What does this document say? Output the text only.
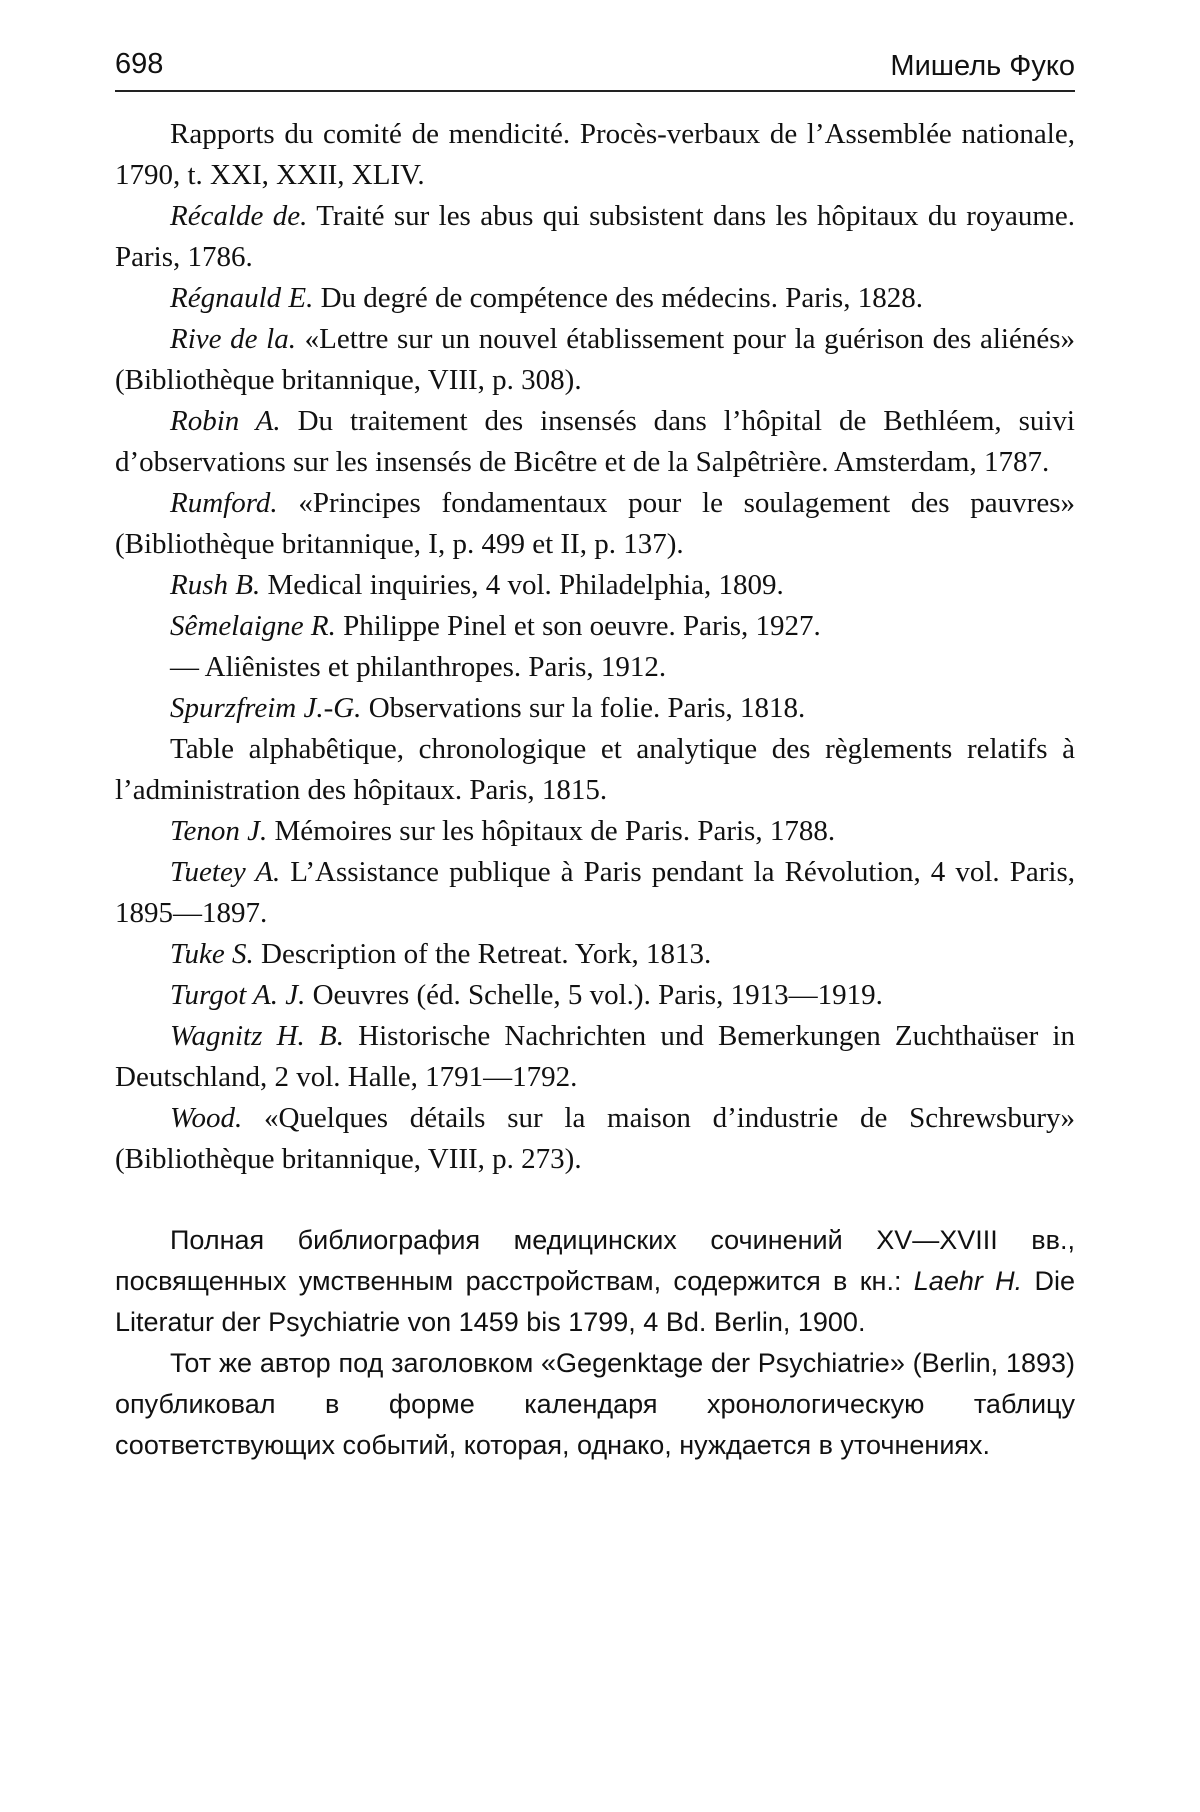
698	Мишель Фуко

Rapports du comité de mendicité. Procès-verbaux de l’Assemblée nationale, 1790, t. XXI, XXII, XLIV.

Récalde de. Traité sur les abus qui subsistent dans les hôpitaux du royaume. Paris, 1786.

Régnauld E. Du degré de compétence des médecins. Paris, 1828.

Rive de la. «Lettre sur un nouvel établissement pour la guérison des aliénés» (Bibliothèque britannique, VIII, p. 308).

Robin A. Du traitement des insensés dans l’hôpital de Bethléem, suivi d’observations sur les insensés de Bicêtre et de la Salpêtrière. Amsterdam, 1787.

Rumford. «Principes fondamentaux pour le soulagement des pauvres» (Bibliothèque britannique, I, p. 499 et II, p. 137).

Rush B. Medical inquiries, 4 vol. Philadelphia, 1809.

Sêmelaigne R. Philippe Pinel et son oeuvre. Paris, 1927.

— Aliênistes et philanthropes. Paris, 1912.

Spurzfreim J.-G. Observations sur la folie. Paris, 1818.

Table alphabêtique, chronologique et analytique des règlements relatifs à l’administration des hôpitaux. Paris, 1815.

Tenon J. Mémoires sur les hôpitaux de Paris. Paris, 1788.

Tuetey A. L’Assistance publique à Paris pendant la Révolution, 4 vol. Paris, 1895—1897.

Tuke S. Description of the Retreat. York, 1813.

Turgot A. J. Oeuvres (éd. Schelle, 5 vol.). Paris, 1913—1919.

Wagnitz H. B. Historische Nachrichten und Bemerkungen Zuchthaüser in Deutschland, 2 vol. Halle, 1791—1792.

Wood. «Quelques détails sur la maison d’industrie de Schrewsbury» (Bibliothèque britannique, VIII, p. 273).

Полная библиография медицинских сочинений XV—XVIII вв., посвященных умственным расстройствам, содержится в кн.: Laehr H. Die Literatur der Psychiatrie von 1459 bis 1799, 4 Bd. Berlin, 1900.

Тот же автор под заголовком «Gegenktage der Psychiatrie» (Berlin, 1893) опубликовал в форме календаря хронологическую таблицу соответствующих событий, которая, однако, нуждается в уточнениях.
